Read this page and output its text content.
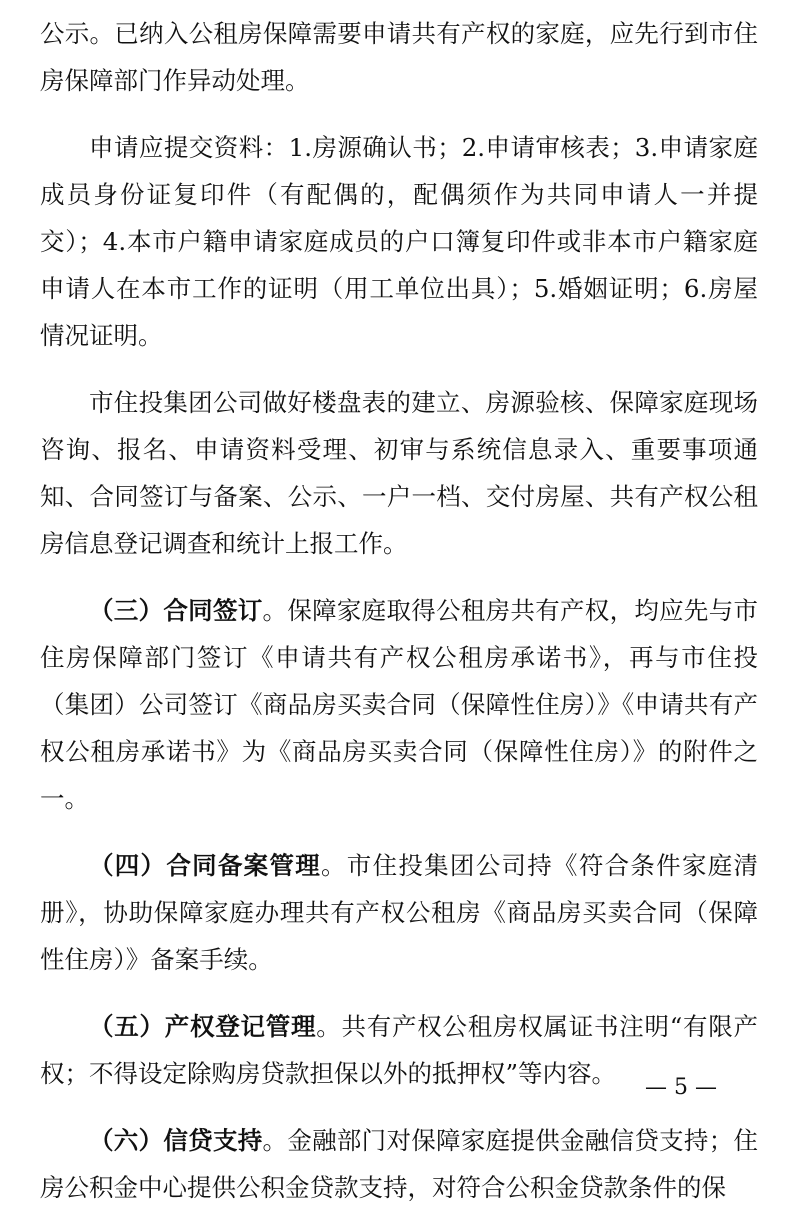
公示。已纳入公租房保障需要申请共有产权的家庭，应先行到市住房保障部门作异动处理。

申请应提交资料：1.房源确认书；2.申请审核表；3.申请家庭成员身份证复印件（有配偶的，配偶须作为共同申请人一并提交）；4.本市户籍申请家庭成员的户口簿复印件或非本市户籍家庭申请人在本市工作的证明（用工单位出具）；5.婚姻证明；6.房屋情况证明。

市住投集团公司做好楼盘表的建立、房源验核、保障家庭现场咨询、报名、申请资料受理、初审与系统信息录入、重要事项通知、合同签订与备案、公示、一户一档、交付房屋、共有产权公租房信息登记调查和统计上报工作。

（三）合同签订。保障家庭取得公租房共有产权，均应先与市住房保障部门签订《申请共有产权公租房承诺书》，再与市住投（集团）公司签订《商品房买卖合同（保障性住房）》《申请共有产权公租房承诺书》为《商品房买卖合同（保障性住房）》的附件之一。

（四）合同备案管理。市住投集团公司持《符合条件家庭清册》，协助保障家庭办理共有产权公租房《商品房买卖合同（保障性住房）》备案手续。

（五）产权登记管理。共有产权公租房权属证书注明“有限产权；不得设定除购房贷款担保以外的抵押权”等内容。

（六）信贷支持。金融部门对保障家庭提供金融信贷支持；住房公积金中心提供公积金贷款支持，对符合公积金贷款条件的保

— 5 —
